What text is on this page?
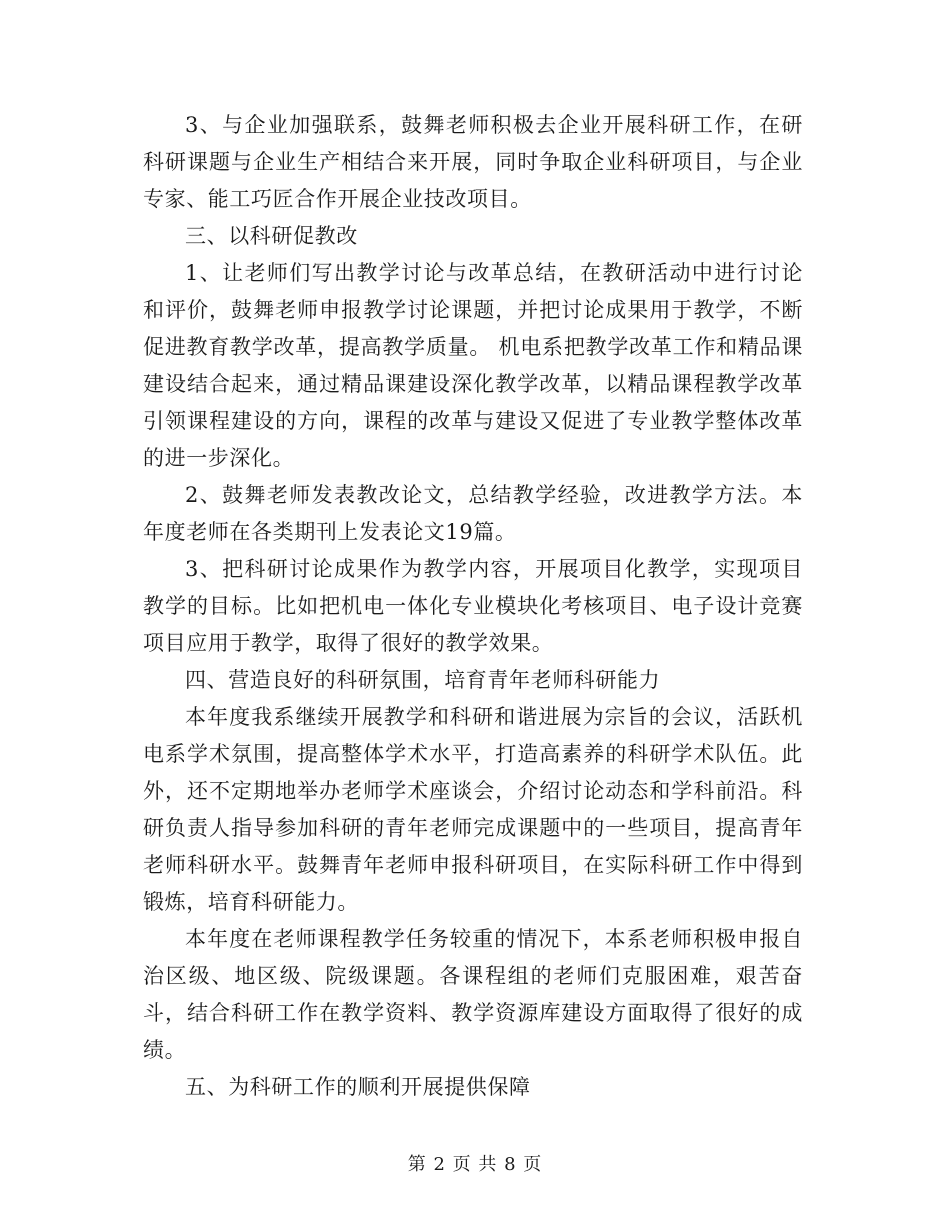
3、与企业加强联系，鼓舞老师积极去企业开展科研工作，在研科研课题与企业生产相结合来开展，同时争取企业科研项目，与企业专家、能工巧匠合作开展企业技改项目。

三、以科研促教改

1、让老师们写出教学讨论与改革总结，在教研活动中进行讨论和评价，鼓舞老师申报教学讨论课题，并把讨论成果用于教学，不断促进教育教学改革，提高教学质量。 机电系把教学改革工作和精品课建设结合起来，通过精品课建设深化教学改革，以精品课程教学改革引领课程建设的方向，课程的改革与建设又促进了专业教学整体改革的进一步深化。

2、鼓舞老师发表教改论文，总结教学经验，改进教学方法。本年度老师在各类期刊上发表论文19篇。

3、把科研讨论成果作为教学内容，开展项目化教学，实现项目教学的目标。比如把机电一体化专业模块化考核项目、电子设计竞赛项目应用于教学，取得了很好的教学效果。

四、营造良好的科研氛围，培育青年老师科研能力

本年度我系继续开展教学和科研和谐进展为宗旨的会议，活跃机电系学术氛围，提高整体学术水平，打造高素养的科研学术队伍。此外，还不定期地举办老师学术座谈会，介绍讨论动态和学科前沿。科研负责人指导参加科研的青年老师完成课题中的一些项目，提高青年老师科研水平。鼓舞青年老师申报科研项目，在实际科研工作中得到锻炼，培育科研能力。

本年度在老师课程教学任务较重的情况下，本系老师积极申报自治区级、地区级、院级课题。各课程组的老师们克服困难，艰苦奋斗，结合科研工作在教学资料、教学资源库建设方面取得了很好的成绩。

五、为科研工作的顺利开展提供保障

第 2 页 共 8 页
